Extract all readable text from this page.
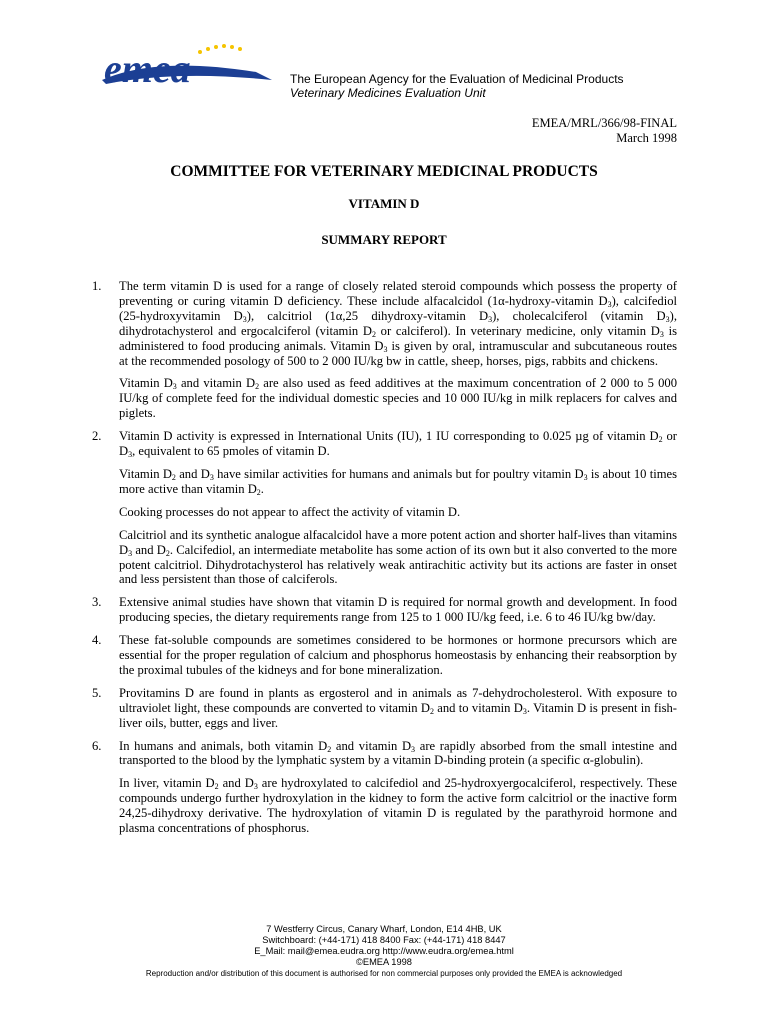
emea	The European Agency for the Evaluation of Medicinal Products
Veterinary Medicines Evaluation Unit
EMEA/MRL/366/98-FINAL
March 1998
COMMITTEE FOR VETERINARY MEDICINAL PRODUCTS
VITAMIN D
SUMMARY REPORT
1. The term vitamin D is used for a range of closely related steroid compounds which possess the property of preventing or curing vitamin D deficiency. These include alfacalcidol (1α-hydroxy-vitamin $D_3$), calcifediol (25-hydroxyvitamin $D_3$), calcitriol (1α,25 dihydroxy-vitamin $D_3$), cholecalciferol (vitamin $D_3$), dihydrotachysterol and ergocalciferol (vitamin $D_2$ or calciferol). In veterinary medicine, only vitamin $D_3$ is administered to food producing animals. Vitamin $D_3$ is given by oral, intramuscular and subcutaneous routes at the recommended posology of 500 to 2 000 IU/kg bw in cattle, sheep, horses, pigs, rabbits and chickens.

Vitamin $D_3$ and vitamin $D_2$ are also used as feed additives at the maximum concentration of 2 000 to 5 000 IU/kg of complete feed for the individual domestic species and 10 000 IU/kg in milk replacers for calves and piglets.

2. Vitamin D activity is expressed in International Units (IU), 1 IU corresponding to 0.025 µg of vitamin $D_2$ or $D_3$, equivalent to 65 pmoles of vitamin D.

Vitamin $D_2$ and $D_3$ have similar activities for humans and animals but for poultry vitamin $D_3$ is about 10 times more active than vitamin $D_2$.

Cooking processes do not appear to affect the activity of vitamin D.

Calcitriol and its synthetic analogue alfacalcidol have a more potent action and shorter half-lives than vitamins $D_3$ and $D_2$. Calcifediol, an intermediate metabolite has some action of its own but it also converted to the more potent calcitriol. Dihydrotachysterol has relatively weak antirachitic activity but its actions are faster in onset and less persistent than those of calciferols.

3. Extensive animal studies have shown that vitamin D is required for normal growth and development. In food producing species, the dietary requirements range from 125 to 1 000 IU/kg feed, i.e. 6 to 46 IU/kg bw/day.

4. These fat-soluble compounds are sometimes considered to be hormones or hormone precursors which are essential for the proper regulation of calcium and phosphorus homeostasis by enhancing their reabsorption by the proximal tubules of the kidneys and for bone mineralization.

5. Provitamins D are found in plants as ergosterol and in animals as 7-dehydrocholesterol. With exposure to ultraviolet light, these compounds are converted to vitamin $D_2$ and to vitamin $D_3$. Vitamin D is present in fish-liver oils, butter, eggs and liver.

6. In humans and animals, both vitamin $D_2$ and vitamin $D_3$ are rapidly absorbed from the small intestine and transported to the blood by the lymphatic system by a vitamin D-binding protein (a specific α-globulin).

In liver, vitamin $D_2$ and $D_3$ are hydroxylated to calcifediol and 25-hydroxyergocalciferol, respectively. These compounds undergo further hydroxylation in the kidney to form the active form calcitriol or the inactive form 24,25-dihydroxy derivative. The hydroxylation of vitamin D is regulated by the parathyroid hormone and plasma concentrations of phosphorus.

7 Westferry Circus, Canary Wharf, London, E14 4HB, UK
Switchboard: (+44-171) 418 8400 Fax: (+44-171) 418 8447
E_Mail: mail@emea.eudra.org http://www.eudra.org/emea.html
©EMEA 1998
Reproduction and/or distribution of this document is authorised for non commercial purposes only provided the EMEA is acknowledged
